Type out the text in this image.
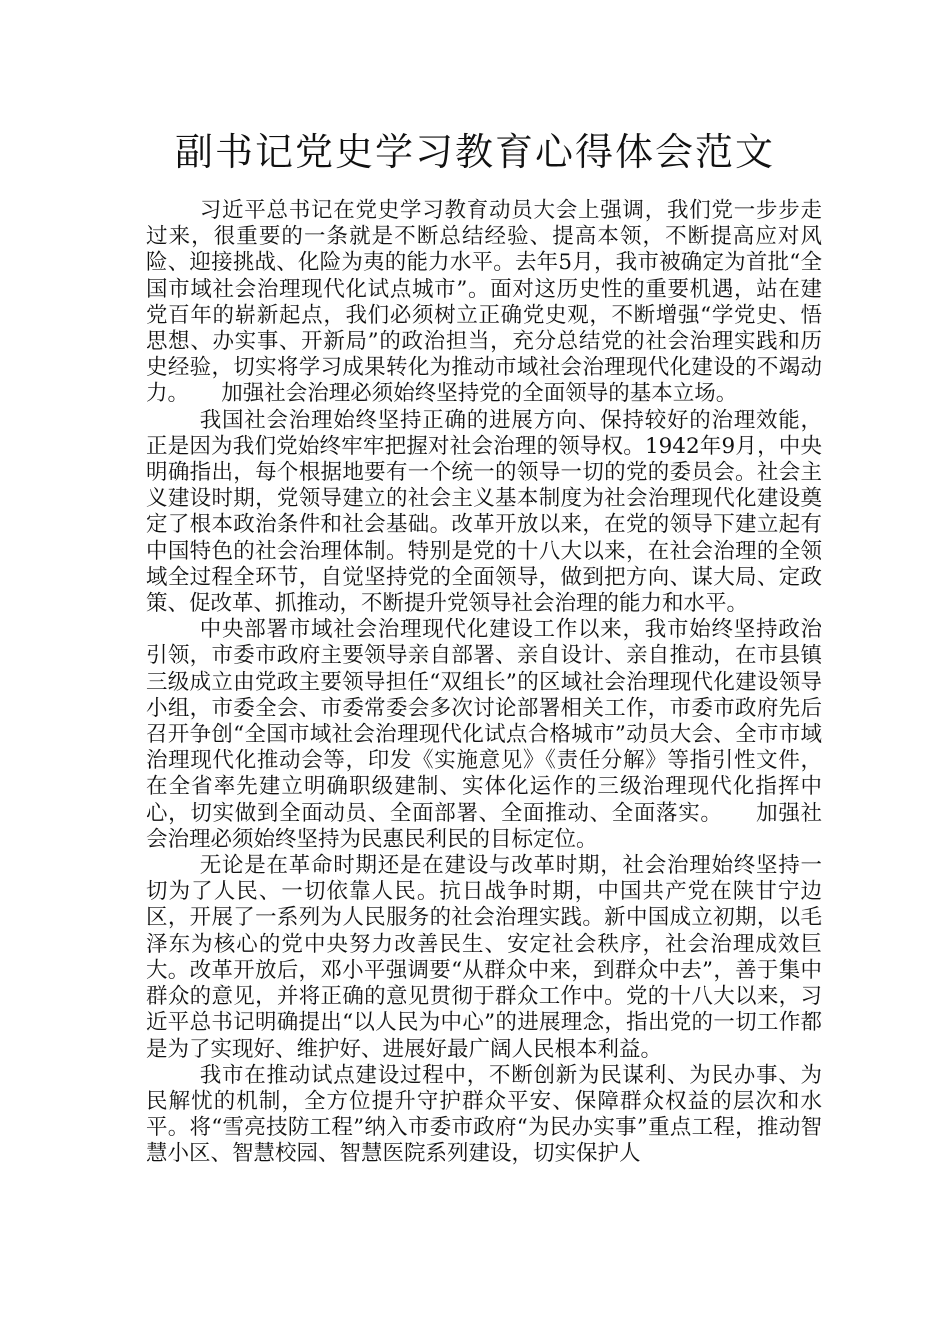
副书记党史学习教育心得体会范文

习近平总书记在党史学习教育动员大会上强调，我们党一步步走过来，很重要的一条就是不断总结经验、提高本领，不断提高应对风险、迎接挑战、化险为夷的能力水平。去年5月，我市被确定为首批“全国市域社会治理现代化试点城市”。面对这历史性的重要机遇，站在建党百年的崭新起点，我们必须树立正确党史观，不断增强“学党史、悟思想、办实事、开新局”的政治担当，充分总结党的社会治理实践和历史经验，切实将学习成果转化为推动市域社会治理现代化建设的不竭动力。　　加强社会治理必须始终坚持党的全面领导的基本立场。

我国社会治理始终坚持正确的进展方向、保持较好的治理效能，正是因为我们党始终牢牢把握对社会治理的领导权。1942年9月，中央明确指出，每个根据地要有一个统一的领导一切的党的委员会。社会主义建设时期，党领导建立的社会主义基本制度为社会治理现代化建设奠定了根本政治条件和社会基础。改革开放以来，在党的领导下建立起有中国特色的社会治理体制。特别是党的十八大以来，在社会治理的全领域全过程全环节，自觉坚持党的全面领导，做到把方向、谋大局、定政策、促改革、抓推动，不断提升党领导社会治理的能力和水平。

中央部署市域社会治理现代化建设工作以来，我市始终坚持政治引领，市委市政府主要领导亲自部署、亲自设计、亲自推动，在市县镇三级成立由党政主要领导担任“双组长”的区域社会治理现代化建设领导小组，市委全会、市委常委会多次讨论部署相关工作，市委市政府先后召开争创“全国市域社会治理现代化试点合格城市”动员大会、全市市域治理现代化推动会等，印发《实施意见》《责任分解》等指引性文件，在全省率先建立明确职级建制、实体化运作的三级治理现代化指挥中心，切实做到全面动员、全面部署、全面推动、全面落实。　　加强社会治理必须始终坚持为民惠民利民的目标定位。

无论是在革命时期还是在建设与改革时期，社会治理始终坚持一切为了人民、一切依靠人民。抗日战争时期，中国共产党在陕甘宁边区，开展了一系列为人民服务的社会治理实践。新中国成立初期，以毛泽东为核心的党中央努力改善民生、安定社会秩序，社会治理成效巨大。改革开放后，邓小平强调要“从群众中来，到群众中去”，善于集中群众的意见，并将正确的意见贯彻于群众工作中。党的十八大以来，习近平总书记明确提出“以人民为中心”的进展理念，指出党的一切工作都是为了实现好、维护好、进展好最广阔人民根本利益。

我市在推动试点建设过程中，不断创新为民谋利、为民办事、为民解忧的机制，全方位提升守护群众平安、保障群众权益的层次和水平。将“雪亮技防工程”纳入市委市政府“为民办实事”重点工程，推动智慧小区、智慧校园、智慧医院系列建设，切实保护人
